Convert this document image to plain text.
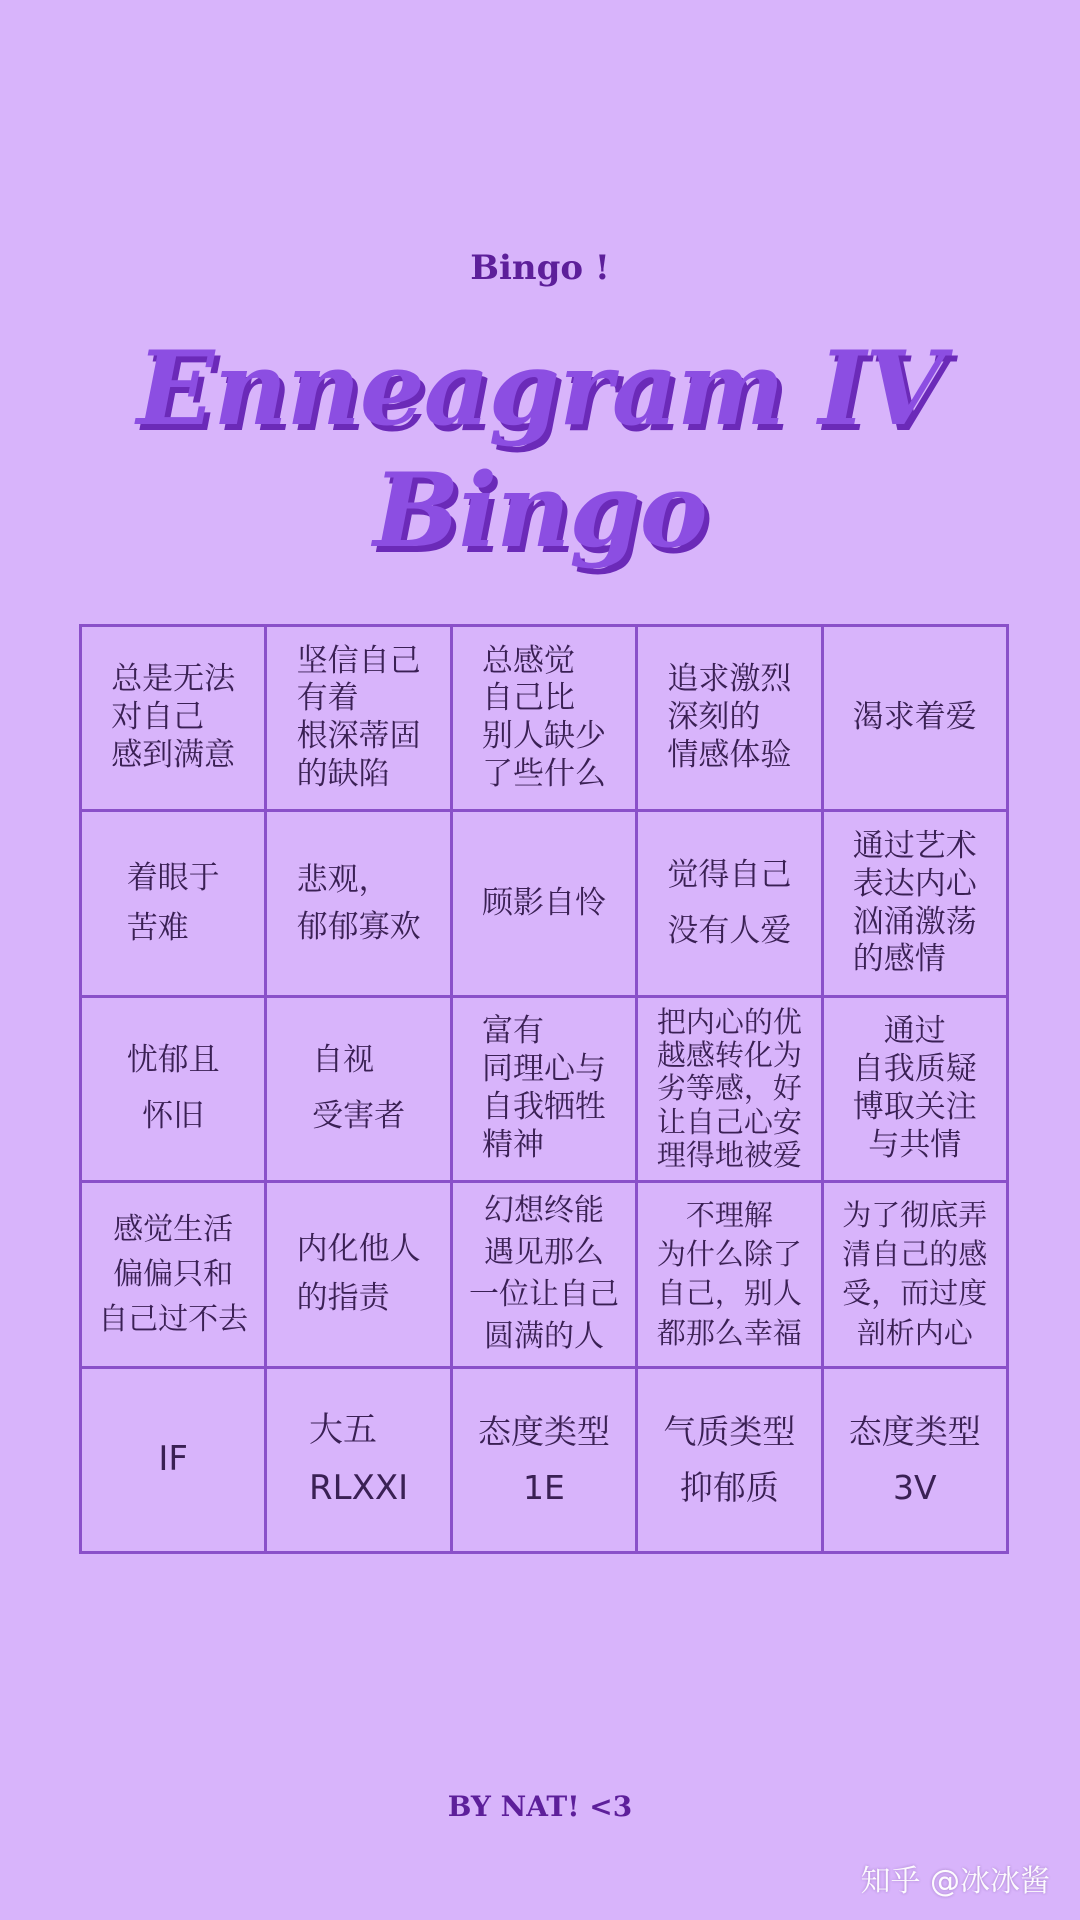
Bingo !
Enneagram IV
Bingo
总是无法
对自己
感到满意
坚信自己
有着
根深蒂固
的缺陷
总感觉
自己比
别人缺少
了些什么
追求激烈
深刻的
情感体验
渴求着爱
着眼于
苦难
悲观，
郁郁寡欢
顾影自怜
觉得自己
没有人爱
通过艺术
表达内心
汹涌激荡
的感情
忧郁且
怀旧
自视
受害者
富有
同理心与
自我牺牲
精神
把内心的优
越感转化为
劣等感，好
让自己心安
理得地被爱
通过
自我质疑
博取关注
与共情
感觉生活
偏偏只和
自己过不去
内化他人
的指责
幻想终能
遇见那么
一位让自己
圆满的人
不理解
为什么除了
自己，别人
都那么幸福
为了彻底弄
清自己的感
受，而过度
剖析内心
IF
大五
RLXXI
态度类型
1E
气质类型
抑郁质
态度类型
3V
BY NAT! <3
知乎 @冰冰酱
